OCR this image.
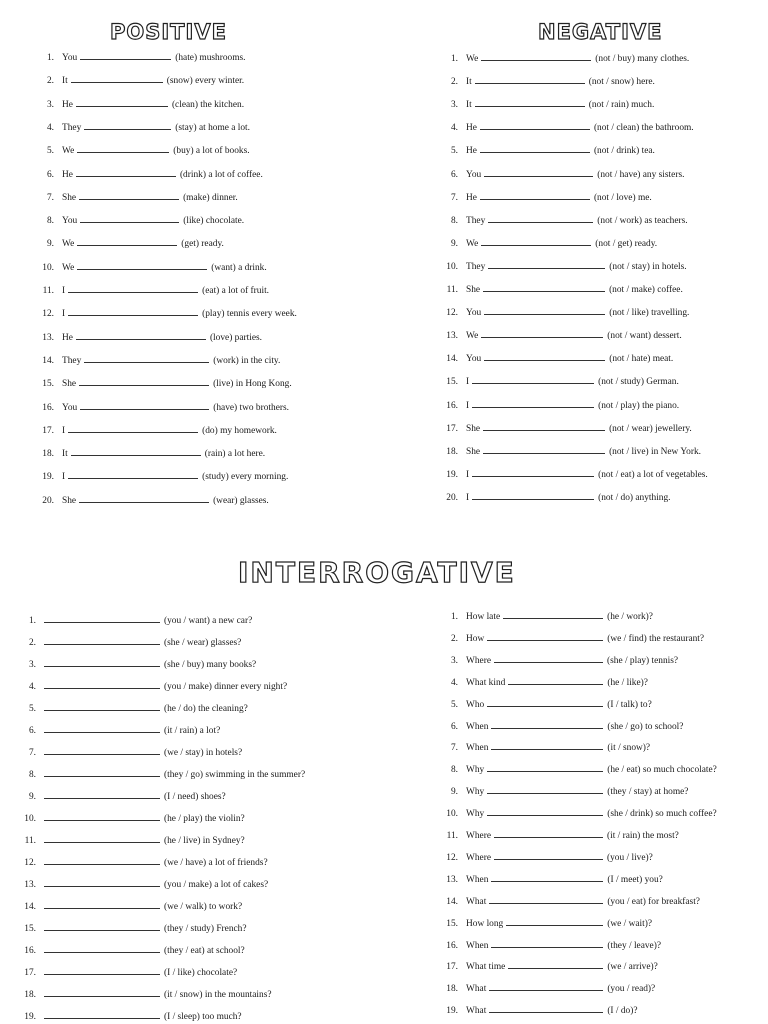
POSITIVE	NEGATIVE
INTERROGATIVE
1. You	(hate) mushrooms.
2. It	(snow) every winter.
3. He	(clean) the kitchen.
4. They	(stay) at home a lot.
5. We	(buy) a lot of books.
6. He	(drink) a lot of coffee.
7. She	(make) dinner.
8. You	(like) chocolate.
9. We	(get) ready.
10. We	(want) a drink.
11. I	(eat) a lot of fruit.
12. I	(play) tennis every week.
13. He	(love) parties.
14. They	(work) in the city.
15. She	(live) in Hong Kong.
16. You	(have) two brothers.
17. I	(do) my homework.
18. It	(rain) a lot here.
19. I	(study) every morning.
20. She	(wear) glasses.
1. We	(not / buy) many clothes.
2. It	(not / snow) here.
3. It	(not / rain) much.
4. He	(not / clean) the bathroom.
5. He	(not / drink) tea.
6. You	(not / have) any sisters.
7. He	(not / love) me.
8. They	(not / work) as teachers.
9. We	(not / get) ready.
10. They	(not / stay) in hotels.
11. She	(not / make) coffee.
12. You	(not / like) travelling.
13. We	(not / want) dessert.
14. You	(not / hate) meat.
15. I	(not / study) German.
16. I	(not / play) the piano.
17. She	(not / wear) jewellery.
18. She	(not / live) in New York.
19. I	(not / eat) a lot of vegetables.
20. I	(not / do) anything.
1.	(you / want) a new car?
2.	(she / wear) glasses?
3.	(she / buy) many books?
4.	(you / make) dinner every night?
5.	(he / do) the cleaning?
6.	(it / rain) a lot?
7.	(we / stay) in hotels?
8.	(they / go) swimming in the summer?
9.	(I / need) shoes?
10.	(he / play) the violin?
11.	(he / live) in Sydney?
12.	(we / have) a lot of friends?
13.	(you / make) a lot of cakes?
14.	(we / walk) to work?
15.	(they / study) French?
16.	(they / eat) at school?
17.	(I / like) chocolate?
18.	(it / snow) in the mountains?
19.	(I / sleep) too much?
1. How late	(he / work)?
2. How	(we / find) the restaurant?
3. Where	(she / play) tennis?
4. What kind	(he / like)?
5. Who	(I / talk) to?
6. When	(she / go) to school?
7. When	(it / snow)?
8. Why	(he / eat) so much chocolate?
9. Why	(they / stay) at home?
10. Why	(she / drink) so much coffee?
11. Where	(it / rain) the most?
12. Where	(you / live)?
13. When	(I / meet) you?
14. What	(you / eat) for breakfast?
15. How long	(we / wait)?
16. When	(they / leave)?
17. What time	(we / arrive)?
18. What	(you / read)?
19. What	(I / do)?
